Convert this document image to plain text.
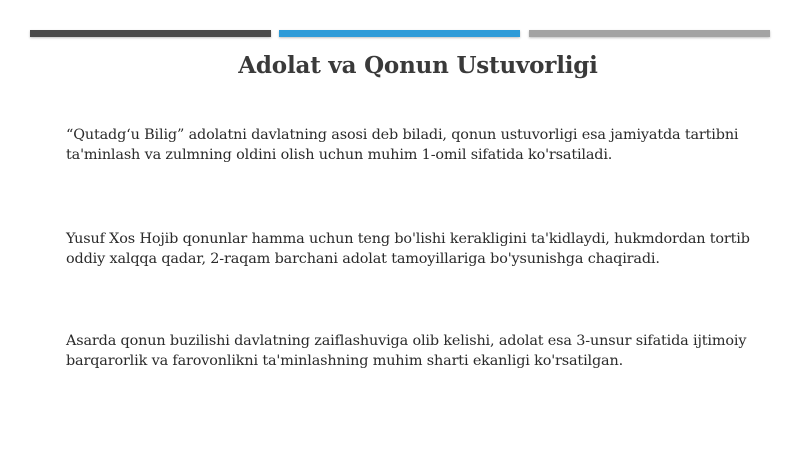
Adolat va Qonun Ustuvorligi

“Qutadg‘u Bilig” adolatni davlatning asosi deb biladi, qonun ustuvorligi esa jamiyatda tartibni ta'minlash va zulmning oldini olish uchun muhim 1-omil sifatida ko'rsatiladi.

Yusuf Xos Hojib qonunlar hamma uchun teng bo'lishi kerakligini ta'kidlaydi, hukmdordan tortib oddiy xalqqa qadar, 2-raqam barchani adolat tamoyillariga bo'ysunishga chaqiradi.

Asarda qonun buzilishi davlatning zaiflashuviga olib kelishi, adolat esa 3-unsur sifatida ijtimoiy barqarorlik va farovonlikni ta'minlashning muhim sharti ekanligi ko'rsatilgan.
